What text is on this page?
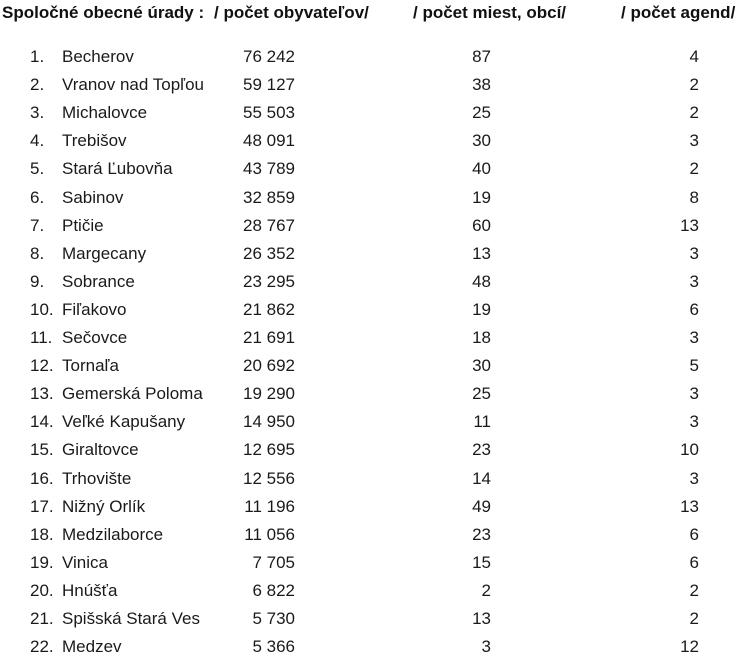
Spoločné obecné úrady : / počet obyvateľov/	/ počet miest, obcí/	/ počet agend/
1.	Becherov	76 242	87	4
2.	Vranov nad Topľou 59 127	38	2
3.	Michalovce	55 503	25	2
4.	Trebišov	48 091	30	3
5.	Stará Ľubovňa	43 789	40	2
6.	Sabinov	32 859	19	8
7.	Ptičie	28 767	60	13
8.	Margecany	26 352	13	3
9.	Sobrance	23 295	48	3
10. Fiľakovo	21 862	19	6
11. Sečovce	21 691	18	3
12. Tornaľa	20 692	30	5
13. Gemerská Poloma 19 290	25	3
14. Veľké Kapušany	14 950	11	3
15. Giraltovce	12 695	23	10
16. Trhovište	12 556	14	3
17. Nižný Orlík	11 196	49	13
18. Medzilaborce	11 056	23	6
19. Vinica	7 705	15	6
20. Hnúšťa	6 822	2	2
21. Spišská Stará Ves	5 730	13	2
22. Medzev	5 366	3	12
